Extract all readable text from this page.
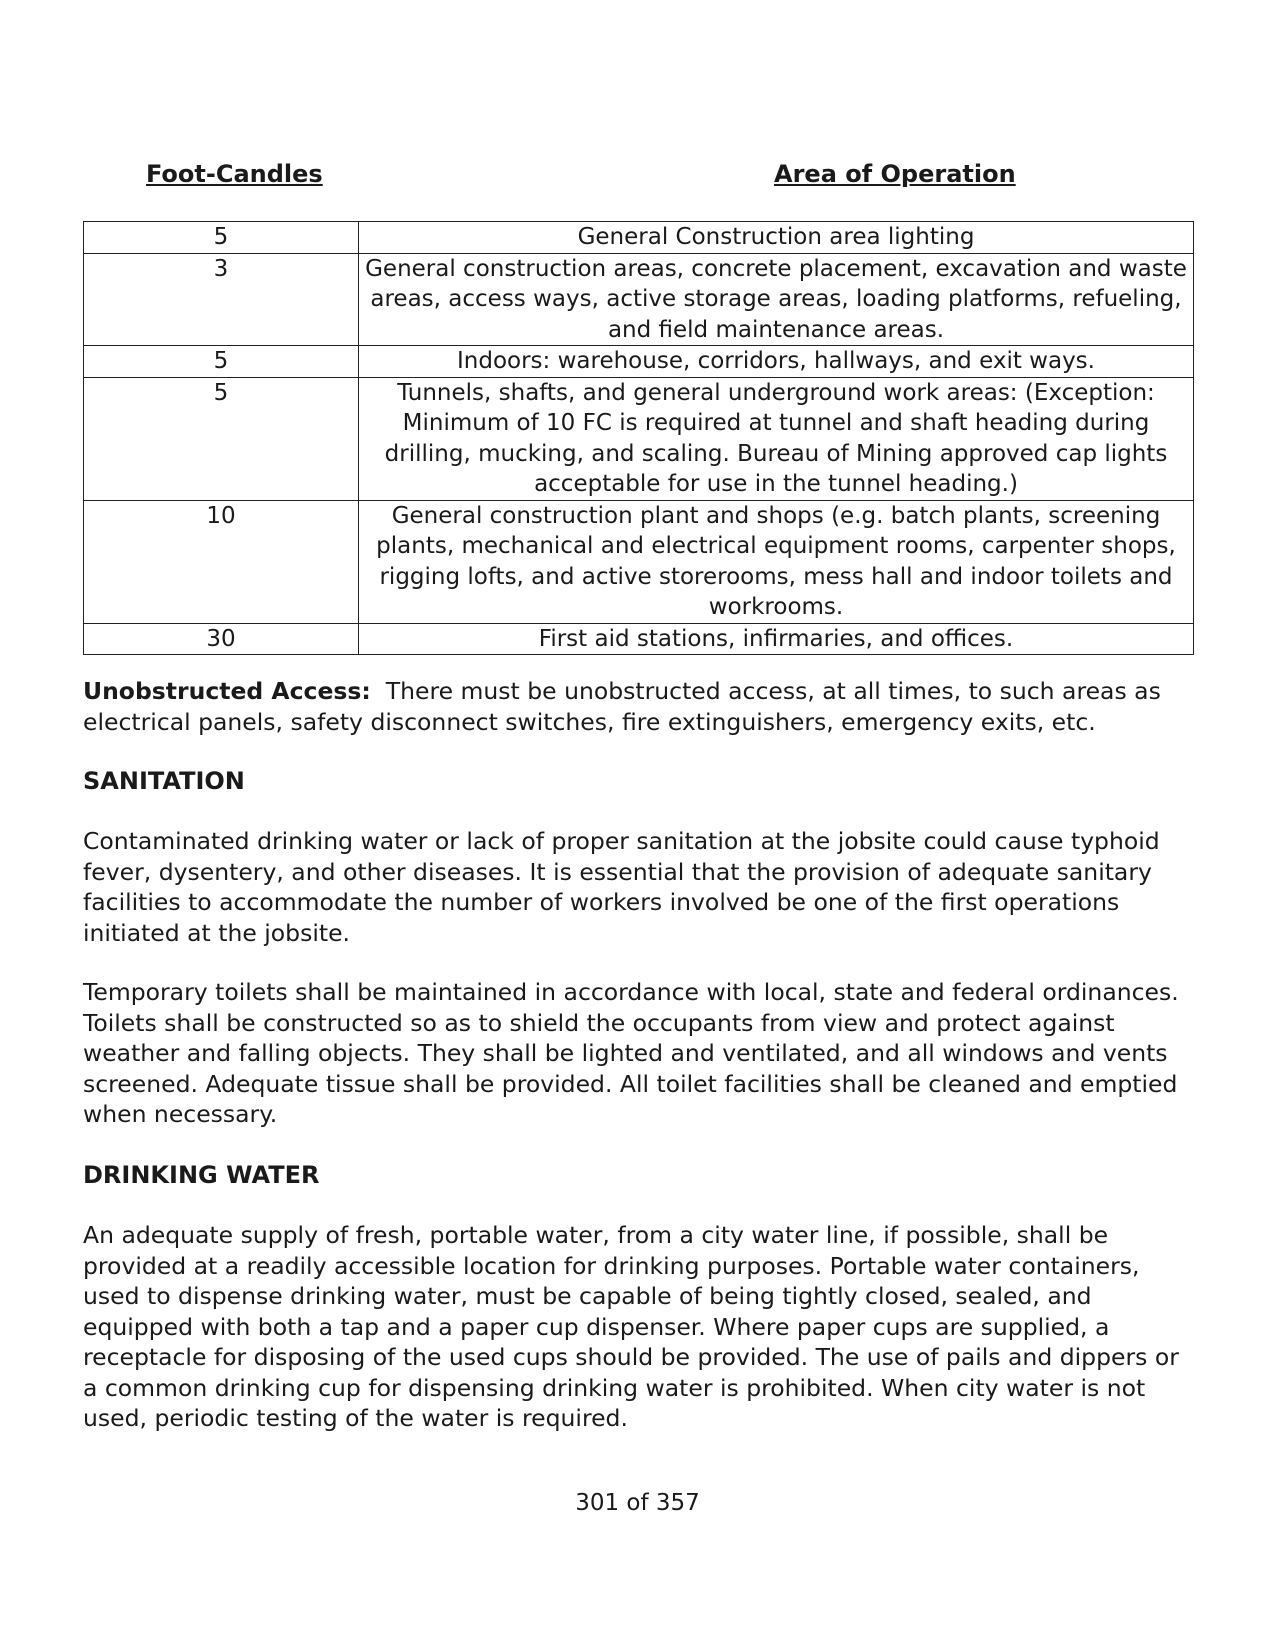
Foot-Candles	Area of Operation
5	General Construction area lighting
3	General construction areas, concrete placement, excavation and waste areas, access ways, active storage areas, loading platforms, refueling, and field maintenance areas.
5	Indoors: warehouse, corridors, hallways, and exit ways.
5	Tunnels, shafts, and general underground work areas: (Exception: Minimum of 10 FC is required at tunnel and shaft heading during drilling, mucking, and scaling. Bureau of Mining approved cap lights acceptable for use in the tunnel heading.)
10	General construction plant and shops (e.g. batch plants, screening plants, mechanical and electrical equipment rooms, carpenter shops, rigging lofts, and active storerooms, mess hall and indoor toilets and workrooms.
30	First aid stations, infirmaries, and offices.

Unobstructed Access:  There must be unobstructed access, at all times, to such areas as electrical panels, safety disconnect switches, fire extinguishers, emergency exits, etc.

SANITATION

Contaminated drinking water or lack of proper sanitation at the jobsite could cause typhoid fever, dysentery, and other diseases. It is essential that the provision of adequate sanitary facilities to accommodate the number of workers involved be one of the first operations initiated at the jobsite.

Temporary toilets shall be maintained in accordance with local, state and federal ordinances. Toilets shall be constructed so as to shield the occupants from view and protect against weather and falling objects. They shall be lighted and ventilated, and all windows and vents screened. Adequate tissue shall be provided. All toilet facilities shall be cleaned and emptied when necessary.

DRINKING WATER

An adequate supply of fresh, portable water, from a city water line, if possible, shall be provided at a readily accessible location for drinking purposes. Portable water containers, used to dispense drinking water, must be capable of being tightly closed, sealed, and equipped with both a tap and a paper cup dispenser. Where paper cups are supplied, a receptacle for disposing of the used cups should be provided. The use of pails and dippers or a common drinking cup for dispensing drinking water is prohibited. When city water is not used, periodic testing of the water is required.

301 of 357
